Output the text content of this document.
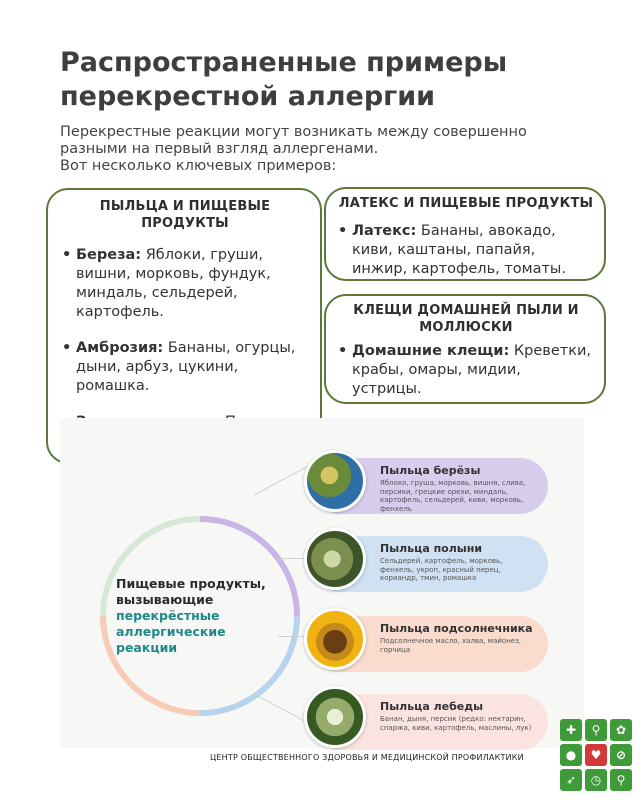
Распространенные примеры перекрестной аллергии
Перекрестные реакции могут возникать между совершенно разными на первый взгляд аллергенами.
Вот несколько ключевых примеров:
ПЫЛЬЦА И ПИЩЕВЫЕ ПРОДУКТЫ
• Береза: Яблоки, груши, вишни, морковь, фундук, миндаль, сельдерей, картофель.
• Амброзия: Бананы, огурцы, дыни, арбуз, цукини, ромашка.
•
ЛАТЕКС И ПИЩЕВЫЕ ПРОДУКТЫ
• Латекс: Бананы, авокадо, киви, каштаны, папайя, инжир, картофель, томаты.
КЛЕЩИ ДОМАШНЕЙ ПЫЛИ И МОЛЛЮСКИ
• Домашние клещи: Креветки, крабы, омары, мидии, устрицы.
Пищевые продукты,
вызывающие
перекрёстные
аллергические
реакции
Пыльца берёзы
Яблоко, груша, морковь, вишня, слива, персики, грецкие орехи, миндаль, картофель, сельдерей, киви, морковь, фенхель
Пыльца полыни
Сельдерей, картофель, морковь, фенхель, укроп, красный перец, кориандр, тмин, ромашка
Пыльца подсолнечника
Подсолнечное масло, халва, майонез, горчица
Пыльца лебеды
Банан, дыня, персик (редко: нектарин, спаржа, киви, картофель, маслины, лук)
ЦЕНТР ОБЩЕСТВЕННОГО ЗДОРОВЬЯ И МЕДИЦИНСКОЙ ПРОФИЛАКТИКИ
✚	⚲	✿
●	♥	⊘
➶	◷	⚲
